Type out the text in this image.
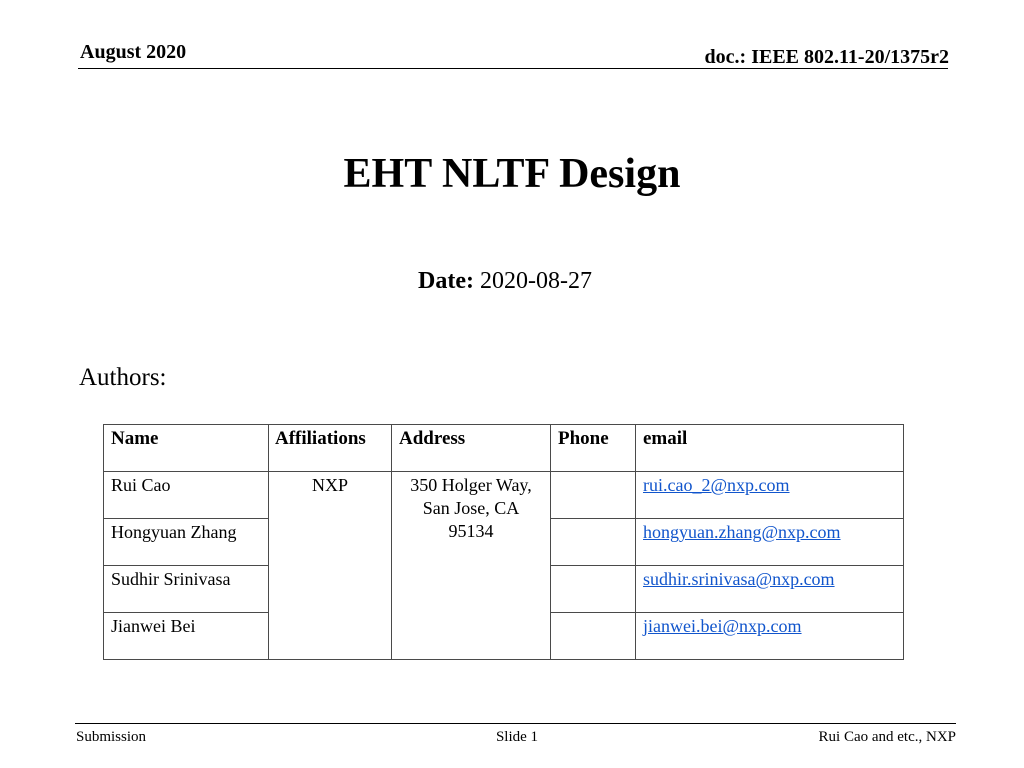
August 2020	doc.: IEEE 802.11-20/1375r2
EHT NLTF Design
Date: 2020-08-27
Authors:
Name	Affiliations	Address	Phone	email
Rui Cao	NXP	350 Holger Way, San Jose, CA 95134		rui.cao_2@nxp.com
Hongyuan Zhang				hongyuan.zhang@nxp.com
Sudhir Srinivasa				sudhir.srinivasa@nxp.com
Jianwei Bei				jianwei.bei@nxp.com
Submission	Slide 1	Rui Cao and etc., NXP
